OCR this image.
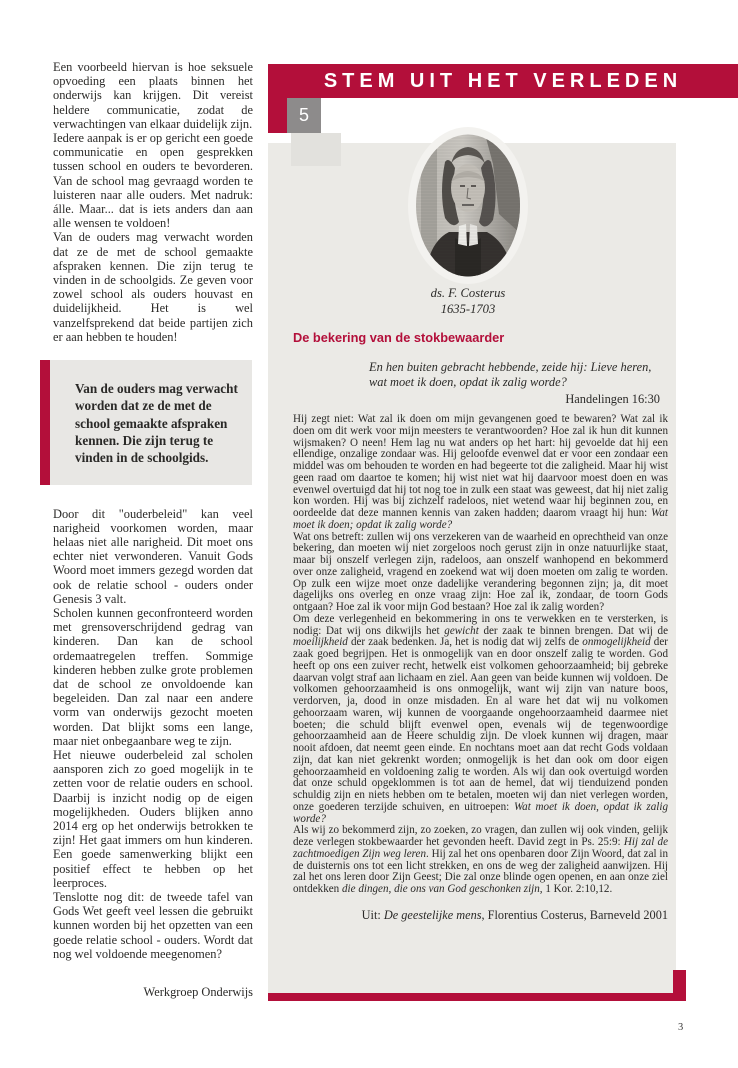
STEM UIT HET VERLEDEN
5

Een voorbeeld hiervan is hoe seksuele opvoeding een plaats binnen het onderwijs kan krijgen. Dit vereist heldere communicatie, zodat de verwachtingen van elkaar duidelijk zijn.

Iedere aanpak is er op gericht een goede communicatie en open gesprekken tussen school en ouders te bevorderen. Van de school mag gevraagd worden te luisteren naar alle ouders. Met nadruk: álle. Maar... dat is iets anders dan aan alle wensen te voldoen!

Van de ouders mag verwacht worden dat ze de met de school gemaakte afspraken kennen. Die zijn terug te vinden in de schoolgids. Ze geven voor zowel school als ouders houvast en duidelijkheid. Het is wel vanzelfsprekend dat beide partijen zich er aan hebben te houden!

Van de ouders mag verwacht worden dat ze de met de school gemaakte afspraken kennen. Die zijn terug te vinden in de schoolgids.

Door dit "ouderbeleid" kan veel narigheid voorkomen worden, maar helaas niet alle narigheid. Dit moet ons echter niet verwonderen. Vanuit Gods Woord moet immers gezegd worden dat ook de relatie school - ouders onder Genesis 3 valt.

Scholen kunnen geconfronteerd worden met grensoverschrijdend gedrag van kinderen. Dan kan de school ordemaatregelen treffen. Sommige kinderen hebben zulke grote problemen dat de school ze onvoldoende kan begeleiden. Dan zal naar een andere vorm van onderwijs gezocht moeten worden. Dat blijkt soms een lange, maar niet onbegaanbare weg te zijn.

Het nieuwe ouderbeleid zal scholen aansporen zich zo goed mogelijk in te zetten voor de relatie ouders en school. Daarbij is inzicht nodig op de eigen mogelijkheden. Ouders blijken anno 2014 erg op het onderwijs betrokken te zijn! Het gaat immers om hun kinderen. Een goede samenwerking blijkt een positief effect te hebben op het leerproces.

Tenslotte nog dit: de tweede tafel van Gods Wet geeft veel lessen die gebruikt kunnen worden bij het opzetten van een goede relatie school - ouders. Wordt dat nog wel voldoende meegenomen?

Werkgroep Onderwijs

ds. F. Costerus
1635-1703
De bekering van de stokbewaarder
En hen buiten gebracht hebbende, zeide hij: Lieve heren,
wat moet ik doen, opdat ik zalig worde?
Handelingen 16:30

Hij zegt niet: Wat zal ik doen om mijn gevangenen goed te bewaren? Wat zal ik doen om dit werk voor mijn meesters te verantwoorden? Hoe zal ik hun dit kunnen wijsmaken? O neen! Hem lag nu wat anders op het hart: hij gevoelde dat hij een ellendige, onzalige zondaar was. Hij geloofde evenwel dat er voor een zondaar een middel was om behouden te worden en had begeerte tot die zaligheid. Maar hij wist geen raad om daartoe te komen; hij wist niet wat hij daarvoor moest doen en was evenwel overtuigd dat hij tot nog toe in zulk een staat was geweest, dat hij niet zalig kon worden. Hij was bij zichzelf radeloos, niet wetend waar hij beginnen zou, en oordeelde dat deze mannen kennis van zaken hadden; daarom vraagt hij hun: Wat moet ik doen; opdat ik zalig worde?

Wat ons betreft: zullen wij ons verzekeren van de waarheid en oprechtheid van onze bekering, dan moeten wij niet zorgeloos noch gerust zijn in onze natuurlijke staat, maar bij onszelf verlegen zijn, radeloos, aan onszelf wanhopend en bekommerd over onze zaligheid, vragend en zoekend wat wij doen moeten om zalig te worden. Op zulk een wijze moet onze dadelijke verandering begonnen zijn; ja, dit moet dagelijks ons overleg en onze vraag zijn: Hoe zal ik, zondaar, de toorn Gods ontgaan? Hoe zal ik voor mijn God bestaan? Hoe zal ik zalig worden?

Om deze verlegenheid en bekommering in ons te verwekken en te versterken, is nodig: Dat wij ons dikwijls het gewicht der zaak te binnen brengen. Dat wij de moeilijkheid der zaak bedenken. Ja, het is nodig dat wij zelfs de onmogelijkheid der zaak goed begrijpen. Het is onmogelijk van en door onszelf zalig te worden. God heeft op ons een zuiver recht, hetwelk eist volkomen gehoorzaamheid; bij gebreke daarvan volgt straf aan lichaam en ziel. Aan geen van beide kunnen wij voldoen. De volkomen gehoorzaamheid is ons onmogelijk, want wij zijn van nature boos, verdorven, ja, dood in onze misdaden. En al ware het dat wij nu volkomen gehoorzaam waren, wij kunnen de voorgaande ongehoorzaamheid daarmee niet boeten; die schuld blijft evenwel open, evenals wij de tegenwoordige gehoorzaamheid aan de Heere schuldig zijn. De vloek kunnen wij dragen, maar nooit afdoen, dat neemt geen einde. En nochtans moet aan dat recht Gods voldaan zijn, dat kan niet gekrenkt worden; onmogelijk is het dan ook om door eigen gehoorzaamheid en voldoening zalig te worden. Als wij dan ook overtuigd worden dat onze schuld opgeklommen is tot aan de hemel, dat wij tienduizend ponden schuldig zijn en niets hebben om te betalen, moeten wij dan niet verlegen worden, onze goederen terzijde schuiven, en uitroepen: Wat moet ik doen, opdat ik zalig worde?

Als wij zo bekommerd zijn, zo zoeken, zo vragen, dan zullen wij ook vinden, gelijk deze verlegen stokbewaarder het gevonden heeft. David zegt in Ps. 25:9: Hij zal de zachtmoedigen Zijn weg leren. Hij zal het ons openbaren door Zijn Woord, dat zal in de duisternis ons tot een licht strekken, en ons de weg der zaligheid aanwijzen. Hij zal het ons leren door Zijn Geest; Die zal onze blinde ogen openen, en aan onze ziel ontdekken die dingen, die ons van God geschonken zijn, 1 Kor. 2:10,12.

Uit: De geestelijke mens, Florentius Costerus, Barneveld 2001

3
